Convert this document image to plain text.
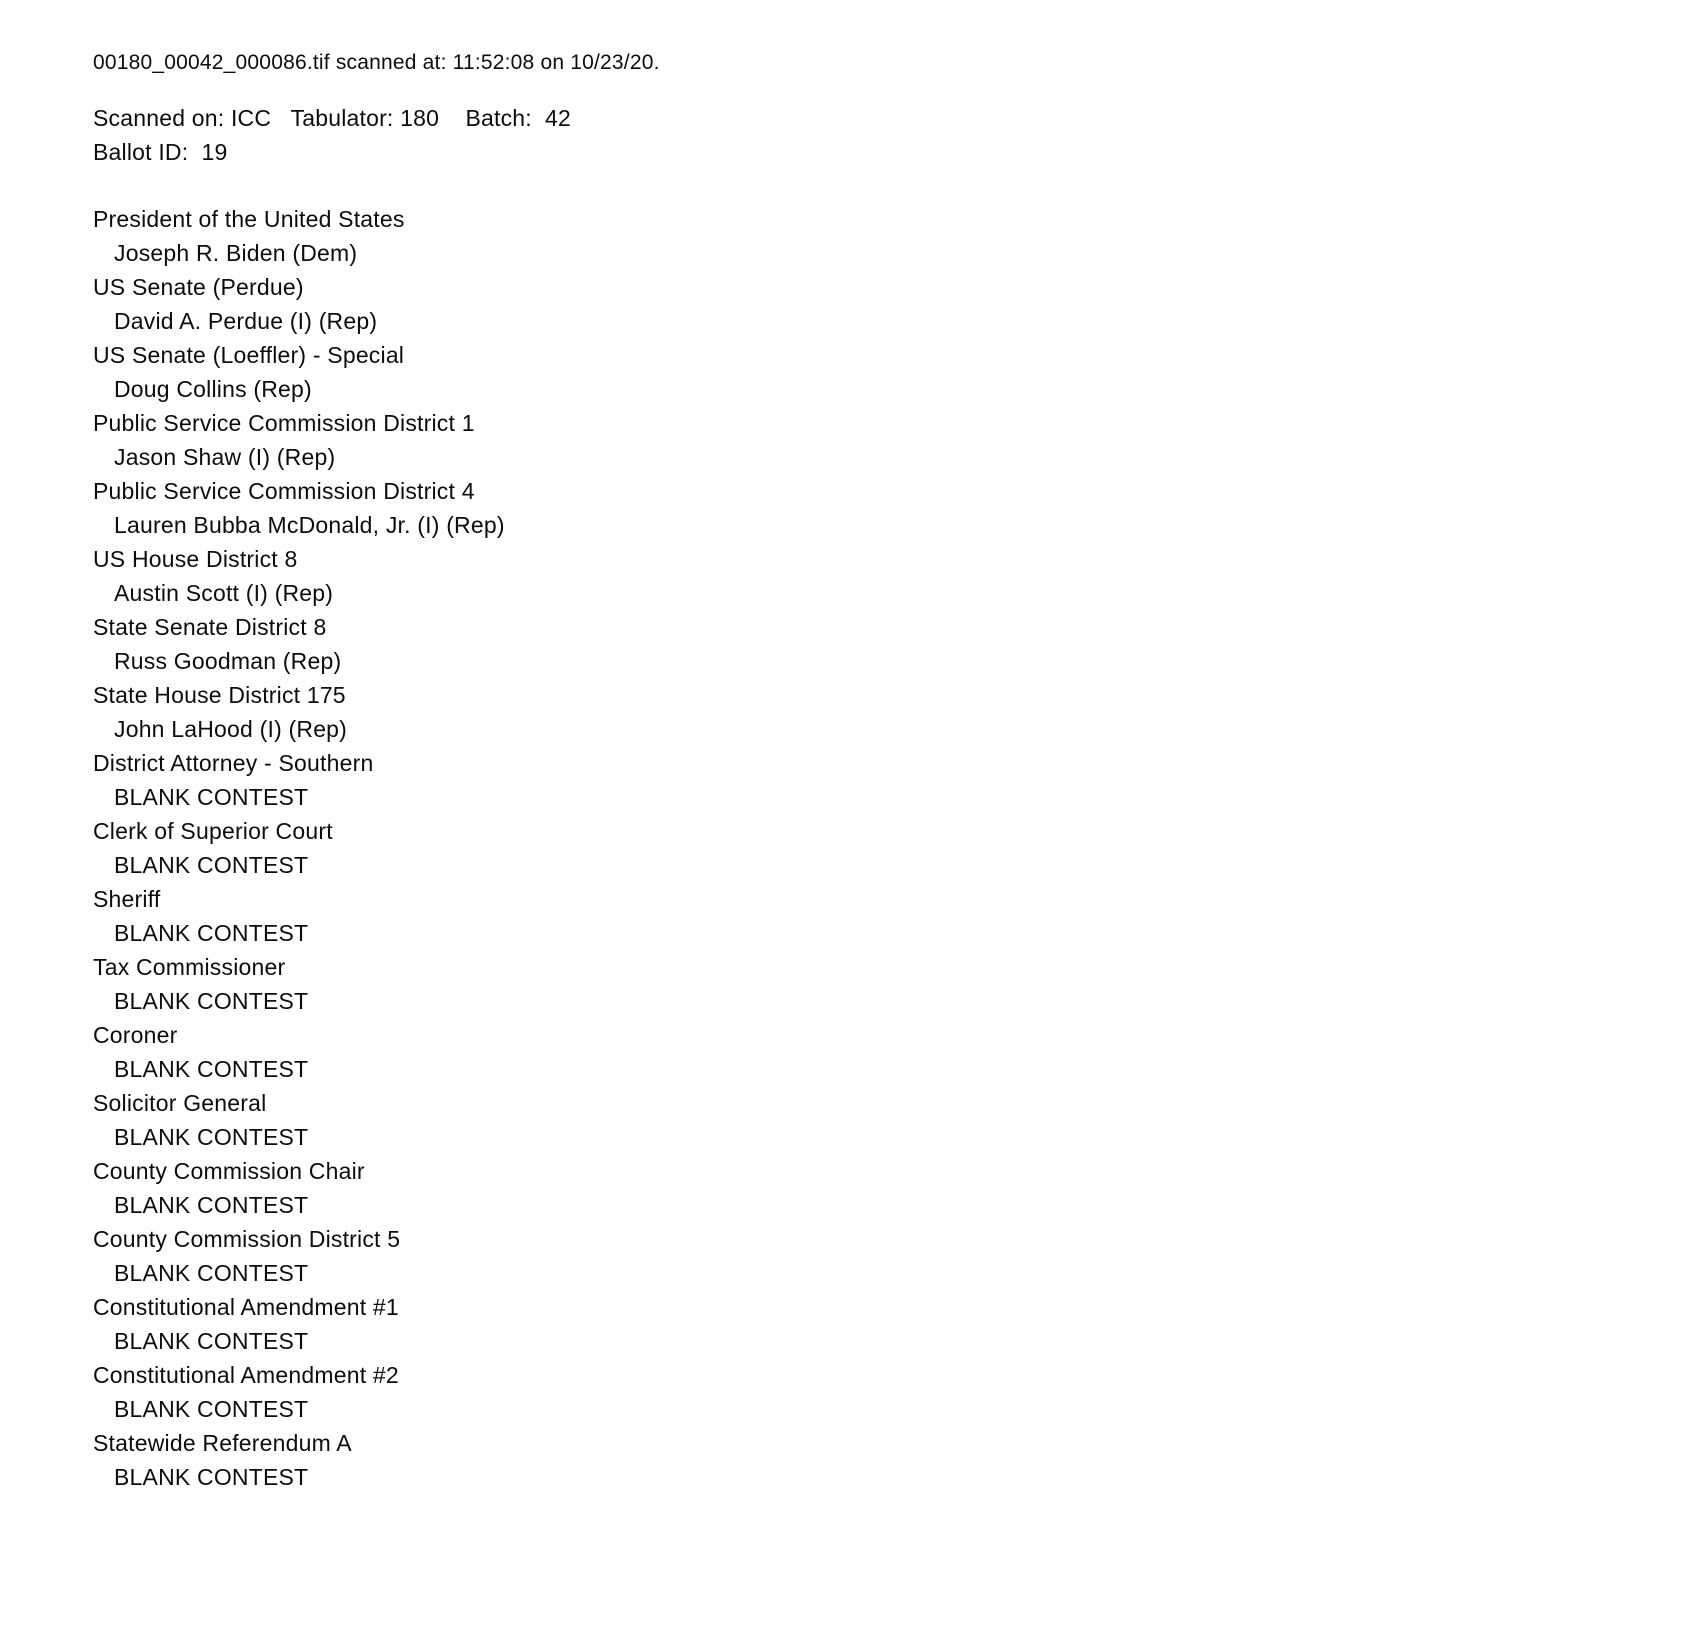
00180_00042_000086.tif scanned at: 11:52:08 on 10/23/20.
Scanned on: ICC   Tabulator: 180    Batch:  42
Ballot ID:  19
President of the United States
Joseph R. Biden (Dem)
US Senate (Perdue)
David A. Perdue (I) (Rep)
US Senate (Loeffler) - Special
Doug Collins (Rep)
Public Service Commission District 1
Jason Shaw (I) (Rep)
Public Service Commission District 4
Lauren Bubba McDonald, Jr. (I) (Rep)
US House District 8
Austin Scott (I) (Rep)
State Senate District 8
Russ Goodman (Rep)
State House District 175
John LaHood (I) (Rep)
District Attorney - Southern
BLANK CONTEST
Clerk of Superior Court
BLANK CONTEST
Sheriff
BLANK CONTEST
Tax Commissioner
BLANK CONTEST
Coroner
BLANK CONTEST
Solicitor General
BLANK CONTEST
County Commission Chair
BLANK CONTEST
County Commission District 5
BLANK CONTEST
Constitutional Amendment #1
BLANK CONTEST
Constitutional Amendment #2
BLANK CONTEST
Statewide Referendum A
BLANK CONTEST
